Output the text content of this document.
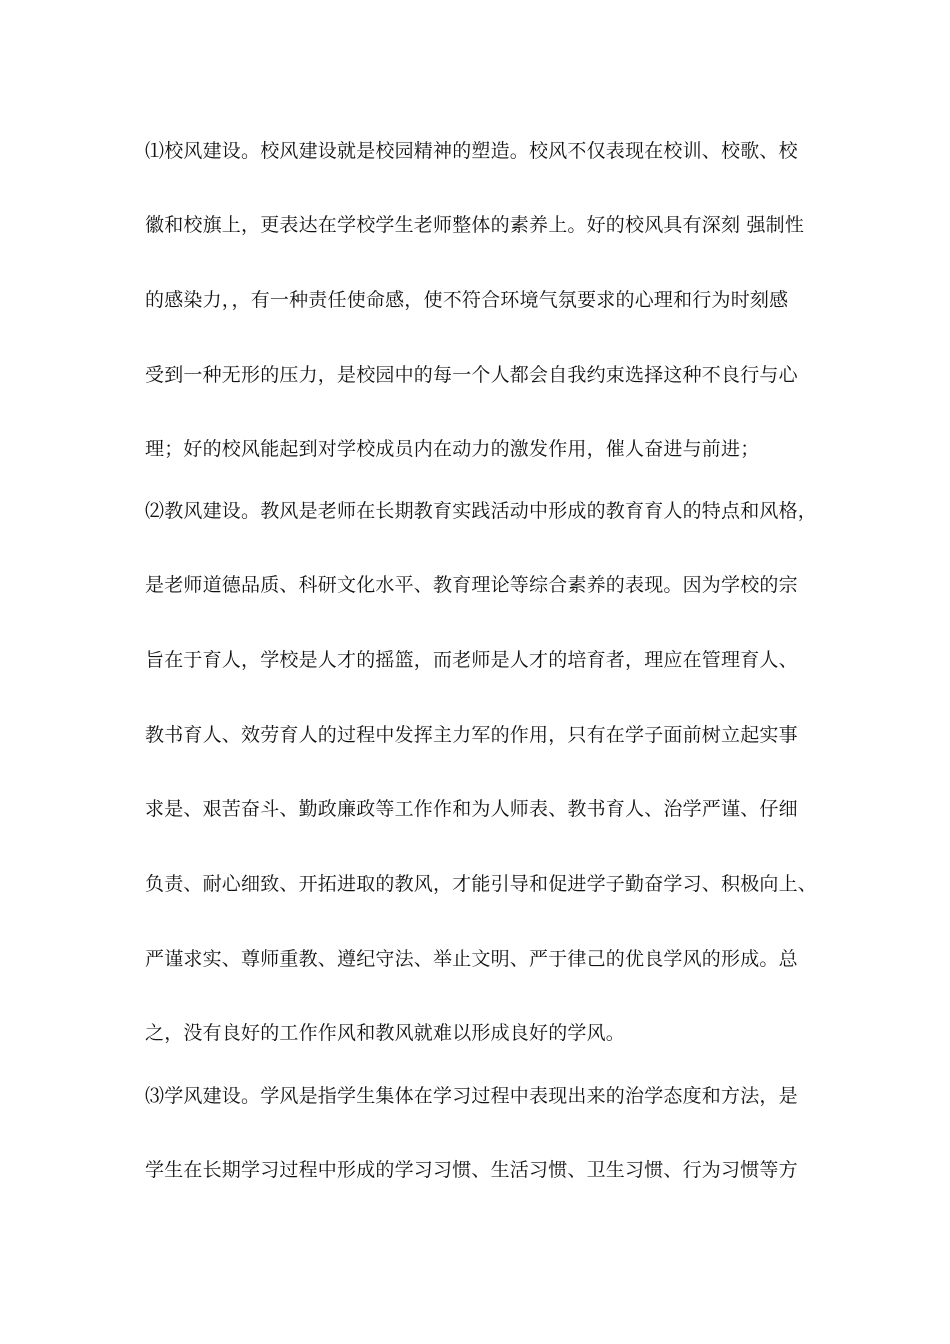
⑴校风建设。校风建设就是校园精神的塑造。校风不仅表现在校训、校歌、校
徽和校旗上，更表达在学校学生老师整体的素养上。好的校风具有深刻 强制性
的感染力，，有一种责任使命感，使不符合环境气氛要求的心理和行为时刻感
受到一种无形的压力，是校园中的每一个人都会自我约束选择这种不良行与心
理；好的校风能起到对学校成员内在动力的激发作用，催人奋进与前进；
⑵教风建设。教风是老师在长期教育实践活动中形成的教育育人的特点和风格，
是老师道德品质、科研文化水平、教育理论等综合素养的表现。因为学校的宗
旨在于育人，学校是人才的摇篮，而老师是人才的培育者，理应在管理育人、
教书育人、效劳育人的过程中发挥主力军的作用，只有在学子面前树立起实事
求是、艰苦奋斗、勤政廉政等工作作和为人师表、教书育人、治学严谨、仔细
负责、耐心细致、开拓进取的教风，才能引导和促进学子勤奋学习、积极向上、
严谨求实、尊师重教、遵纪守法、举止文明、严于律己的优良学风的形成。总
之，没有良好的工作作风和教风就难以形成良好的学风。
⑶学风建设。学风是指学生集体在学习过程中表现出来的治学态度和方法，是
学生在长期学习过程中形成的学习习惯、生活习惯、卫生习惯、行为习惯等方
